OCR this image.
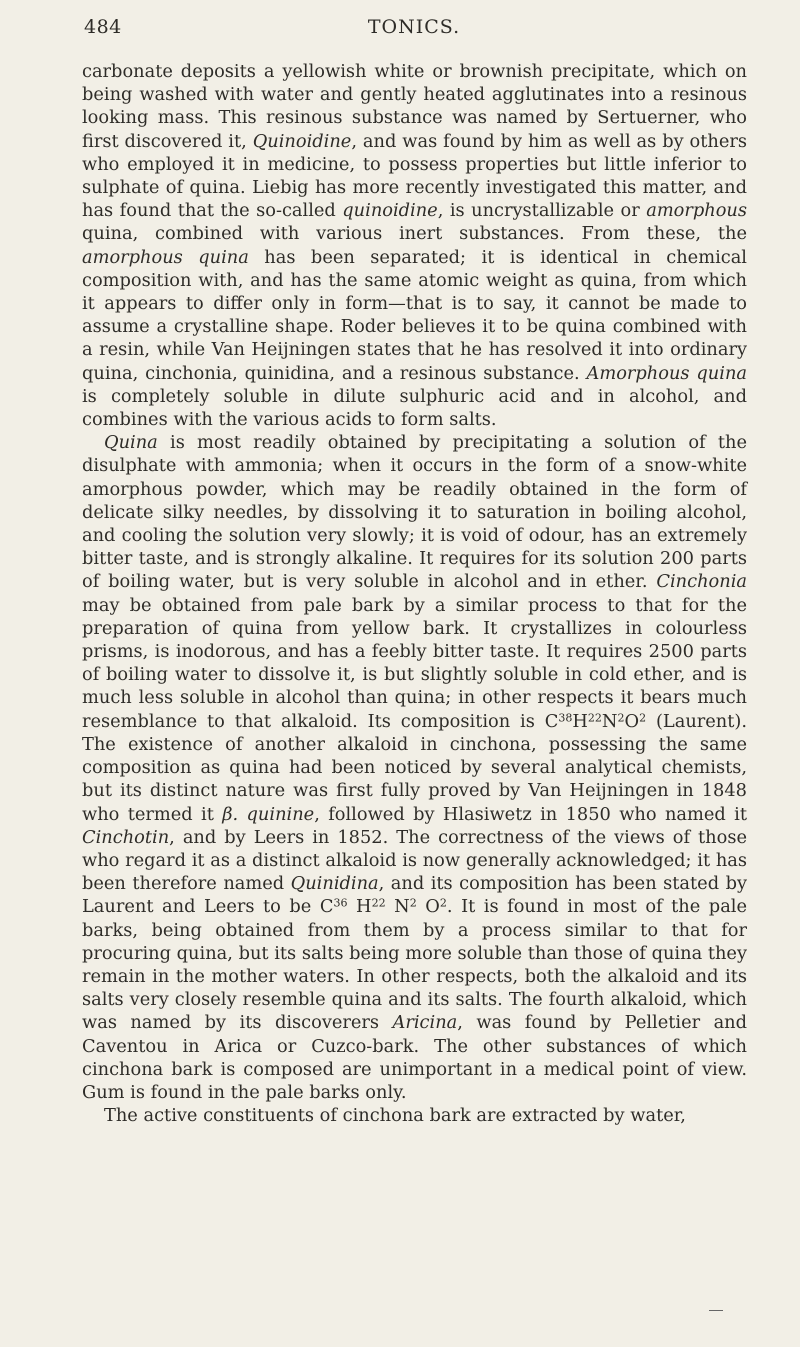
484	TONICS.

carbonate deposits a yellowish white or brownish precipitate, which on being washed with water and gently heated agglutinates into a resinous looking mass. This resinous substance was named by Sertuerner, who first discovered it, Quinoidine, and was found by him as well as by others who employed it in medicine, to possess properties but little inferior to sulphate of quina. Liebig has more recently investigated this matter, and has found that the so-called quinoidine, is uncrystallizable or amorphous quina, combined with various inert substances. From these, the amorphous quina has been separated; it is identical in chemical composition with, and has the same atomic weight as quina, from which it appears to differ only in form—that is to say, it cannot be made to assume a crystalline shape. Roder believes it to be quina combined with a resin, while Van Heijningen states that he has resolved it into ordinary quina, cinchonia, quinidina, and a resinous substance. Amorphous quina is completely soluble in dilute sulphuric acid and in alcohol, and combines with the various acids to form salts.

Quina is most readily obtained by precipitating a solution of the disulphate with ammonia; when it occurs in the form of a snow-white amorphous powder, which may be readily obtained in the form of delicate silky needles, by dissolving it to saturation in boiling alcohol, and cooling the solution very slowly; it is void of odour, has an extremely bitter taste, and is strongly alkaline. It requires for its solution 200 parts of boiling water, but is very soluble in alcohol and in ether. Cinchonia may be obtained from pale bark by a similar process to that for the preparation of quina from yellow bark. It crystallizes in colourless prisms, is inodorous, and has a feebly bitter taste. It requires 2500 parts of boiling water to dissolve it, is but slightly soluble in cold ether, and is much less soluble in alcohol than quina; in other respects it bears much resemblance to that alkaloid. Its composition is $C^{38}H^{22}N^2O^2$ (Laurent). The existence of another alkaloid in cinchona, possessing the same composition as quina had been noticed by several analytical chemists, but its distinct nature was first fully proved by Van Heijningen in 1848 who termed it β. quinine, followed by Hlasiwetz in 1850 who named it Cinchotin, and by Leers in 1852. The correctness of the views of those who regard it as a distinct alkaloid is now generally acknowledged; it has been therefore named Quinidina, and its composition has been stated by Laurent and Leers to be $C^{36}$ $H^{22}$ $N^2$ $O^2$. It is found in most of the pale barks, being obtained from them by a process similar to that for procuring quina, but its salts being more soluble than those of quina they remain in the mother waters. In other respects, both the alkaloid and its salts very closely resemble quina and its salts. The fourth alkaloid, which was named by its discoverers Aricina, was found by Pelletier and Caventou in Arica or Cuzco-bark. The other substances of which cinchona bark is composed are unimportant in a medical point of view. Gum is found in the pale barks only.

The active constituents of cinchona bark are extracted by water,
